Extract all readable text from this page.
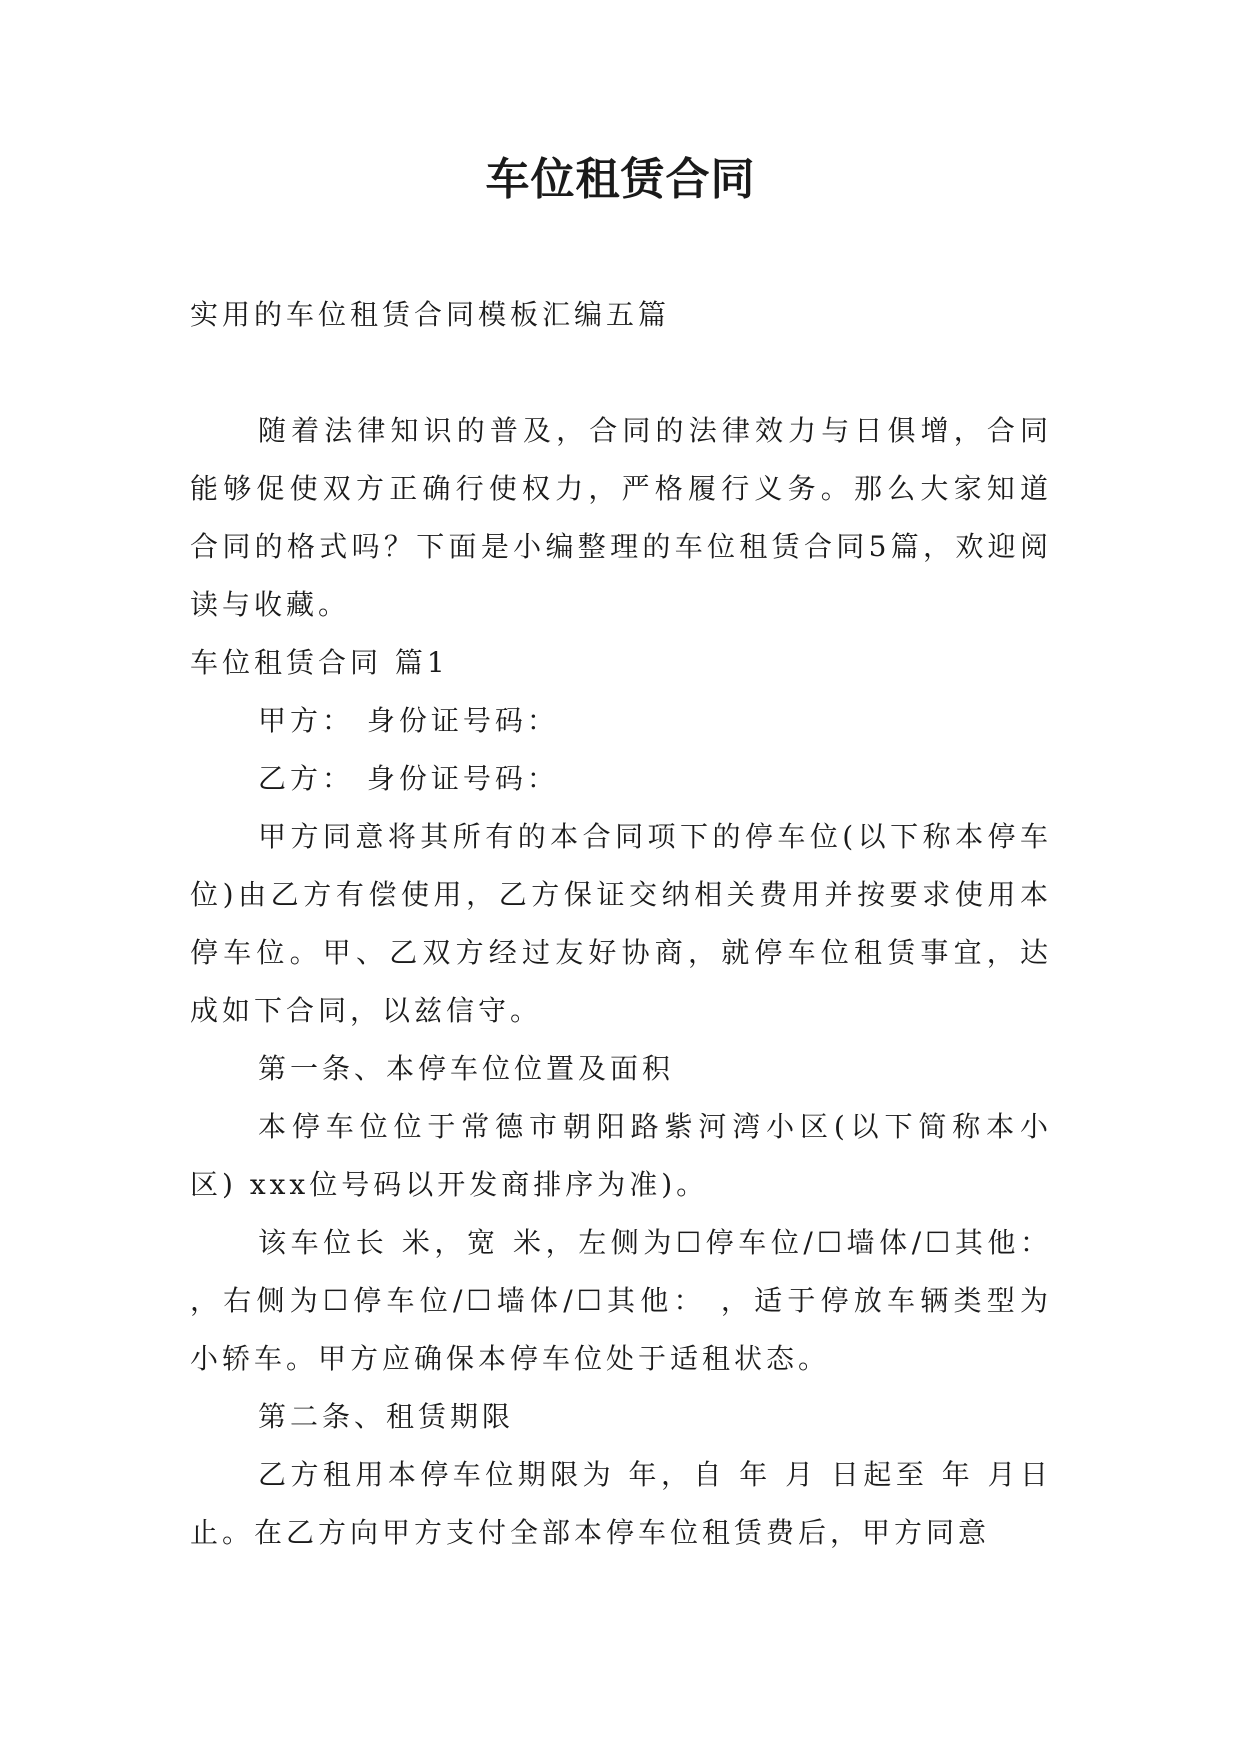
车位租赁合同
实用的车位租赁合同模板汇编五篇

随着法律知识的普及，合同的法律效力与日俱增，合同能够促使双方正确行使权力，严格履行义务。那么大家知道合同的格式吗？下面是小编整理的车位租赁合同5篇，欢迎阅读与收藏。

车位租赁合同 篇1

甲方： 身份证号码：

乙方： 身份证号码：

甲方同意将其所有的本合同项下的停车位(以下称本停车位)由乙方有偿使用，乙方保证交纳相关费用并按要求使用本停车位。甲、乙双方经过友好协商，就停车位租赁事宜，达成如下合同，以兹信守。

第一条、本停车位位置及面积

本停车位位于常德市朝阳路紫河湾小区(以下简称本小区) xxx位号码以开发商排序为准)。

该车位长 米，宽 米，左侧为☐停车位/☐墙体/☐其他： ，右侧为☐停车位/☐墙体/☐其他： ，适于停放车辆类型为小轿车。甲方应确保本停车位处于适租状态。

第二条、租赁期限

乙方租用本停车位期限为 年，自 年 月 日起至 年 月日止。在乙方向甲方支付全部本停车位租赁费后，甲方同意
